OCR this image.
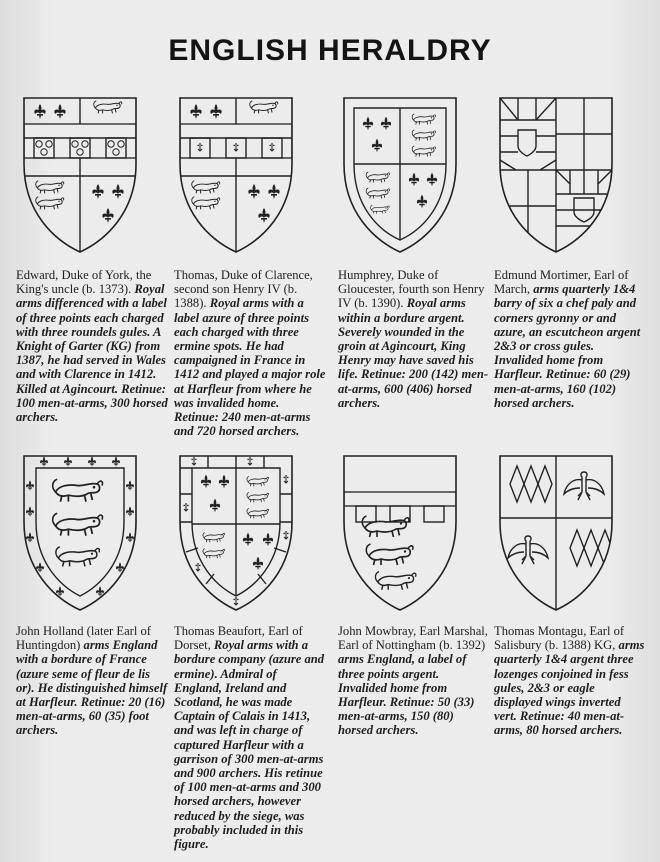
ENGLISH HERALDRY

Edward, Duke of York, the King's uncle (b. 1373). Royal arms differenced with a label of three points each charged with three roundels gules. A Knight of Garter (KG) from 1387, he had served in Wales and with Clarence in 1412. Killed at Agincourt. Retinue: 100 men-at-arms, 300 horsed archers.

Thomas, Duke of Clarence, second son Henry IV (b. 1388). Royal arms with a label azure of three points each charged with three ermine spots. He had campaigned in France in 1412 and played a major role at Harfleur from where he was invalided home. Retinue: 240 men-at-arms and 720 horsed archers.

Humphrey, Duke of Gloucester, fourth son Henry IV (b. 1390). Royal arms within a bordure argent. Severely wounded in the groin at Agincourt, King Henry may have saved his life. Retinue: 200 (142) men-at-arms, 600 (406) horsed archers.

Edmund Mortimer, Earl of March, arms quarterly 1&4 barry of six a chef paly and corners gyronny or and azure, an escutcheon argent 2&3 or cross gules. Invalided home from Harfleur. Retinue: 60 (29) men-at-arms, 160 (102) horsed archers.

John Holland (later Earl of Huntingdon) arms England with a bordure of France (azure seme of fleur de lis or). He distinguished himself at Harfleur. Retinue: 20 (16) men-at-arms, 60 (35) foot archers.

Thomas Beaufort, Earl of Dorset, Royal arms with a bordure company (azure and ermine). Admiral of England, Ireland and Scotland, he was made Captain of Calais in 1413, and was left in charge of captured Harfleur with a garrison of 300 men-at-arms and 900 archers. His retinue of 100 men-at-arms and 300 horsed archers, however reduced by the siege, was probably included in this figure.

John Mowbray, Earl Marshal, Earl of Nottingham (b. 1392) arms England, a label of three points argent. Invalided home from Harfleur. Retinue: 50 (33) men-at-arms, 150 (80) horsed archers.

Thomas Montagu, Earl of Salisbury (b. 1388) KG, arms quarterly 1&4 argent three lozenges conjoined in fess gules, 2&3 or eagle displayed wings inverted vert. Retinue: 40 men-at-arms, 80 horsed archers.
